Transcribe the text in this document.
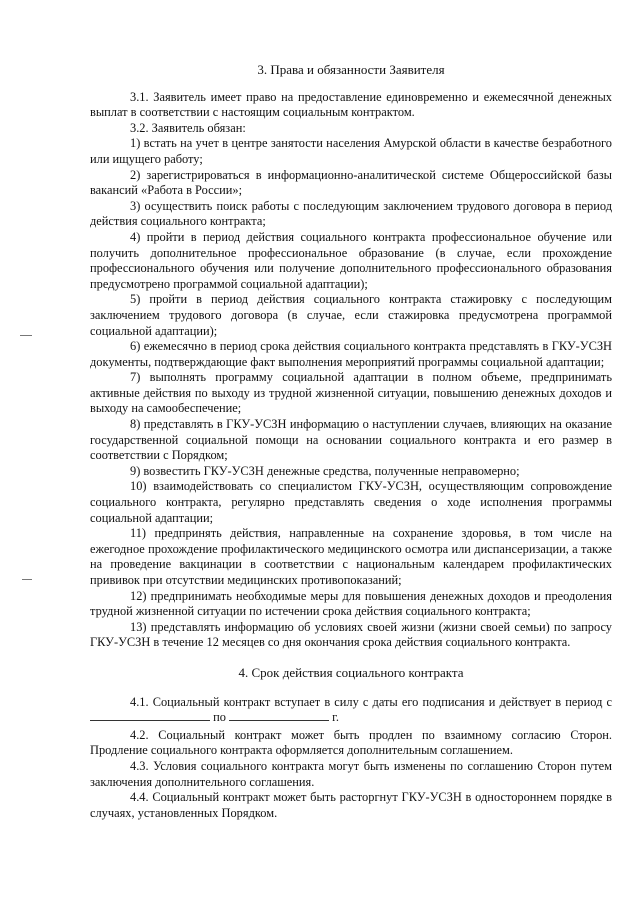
3. Права и обязанности Заявителя

3.1. Заявитель имеет право на предоставление единовременно и ежемесячной денежных выплат в соответствии с настоящим социальным контрактом.

3.2. Заявитель обязан:

1) встать на учет в центре занятости населения Амурской области в качестве безработного или ищущего работу;

2) зарегистрироваться в информационно-аналитической системе Общероссийской базы вакансий «Работа в России»;

3) осуществить поиск работы с последующим заключением трудового договора в период действия социального контракта;

4) пройти в период действия социального контракта профессиональное обучение или получить дополнительное профессиональное образование (в случае, если прохождение профессионального обучения или получение дополнительного профессионального образования предусмотрено программой социальной адаптации);

5) пройти в период действия социального контракта стажировку с последующим заключением трудового договора (в случае, если стажировка предусмотрена программой социальной адаптации);

6) ежемесячно в период срока действия социального контракта представлять в ГКУ-УСЗН документы, подтверждающие факт выполнения мероприятий программы социальной адаптации;

7) выполнять программу социальной адаптации в полном объеме, предпринимать активные действия по выходу из трудной жизненной ситуации, повышению денежных доходов и выходу на самообеспечение;

8) представлять в ГКУ-УСЗН информацию о наступлении случаев, влияющих на оказание государственной социальной помощи на основании социального контракта и его размер в соответствии с Порядком;

9) возвестить ГКУ-УСЗН денежные средства, полученные неправомерно;

10) взаимодействовать со специалистом ГКУ-УСЗН, осуществляющим сопровождение социального контракта, регулярно представлять сведения о ходе исполнения программы социальной адаптации;

11) предпринять действия, направленные на сохранение здоровья, в том числе на ежегодное прохождение профилактического медицинского осмотра или диспансеризации, а также на проведение вакцинации в соответствии с национальным календарем профилактических прививок при отсутствии медицинских противопоказаний;

12) предпринимать необходимые меры для повышения денежных доходов и преодоления трудной жизненной ситуации по истечении срока действия социального контракта;

13) представлять информацию об условиях своей жизни (жизни своей семьи) по запросу ГКУ-УСЗН в течение 12 месяцев со дня окончания срока действия социального контракта.

4. Срок действия социального контракта

4.1. Социальный контракт вступает в силу с даты его подписания и действует в период с  по	г.

4.2. Социальный контракт может быть продлен по взаимному согласию Сторон. Продление социального контракта оформляется дополнительным соглашением.

4.3. Условия социального контракта могут быть изменены по соглашению Сторон путем заключения дополнительного соглашения.

4.4. Социальный контракт может быть расторгнут ГКУ-УСЗН в одностороннем порядке в случаях, установленных Порядком.
